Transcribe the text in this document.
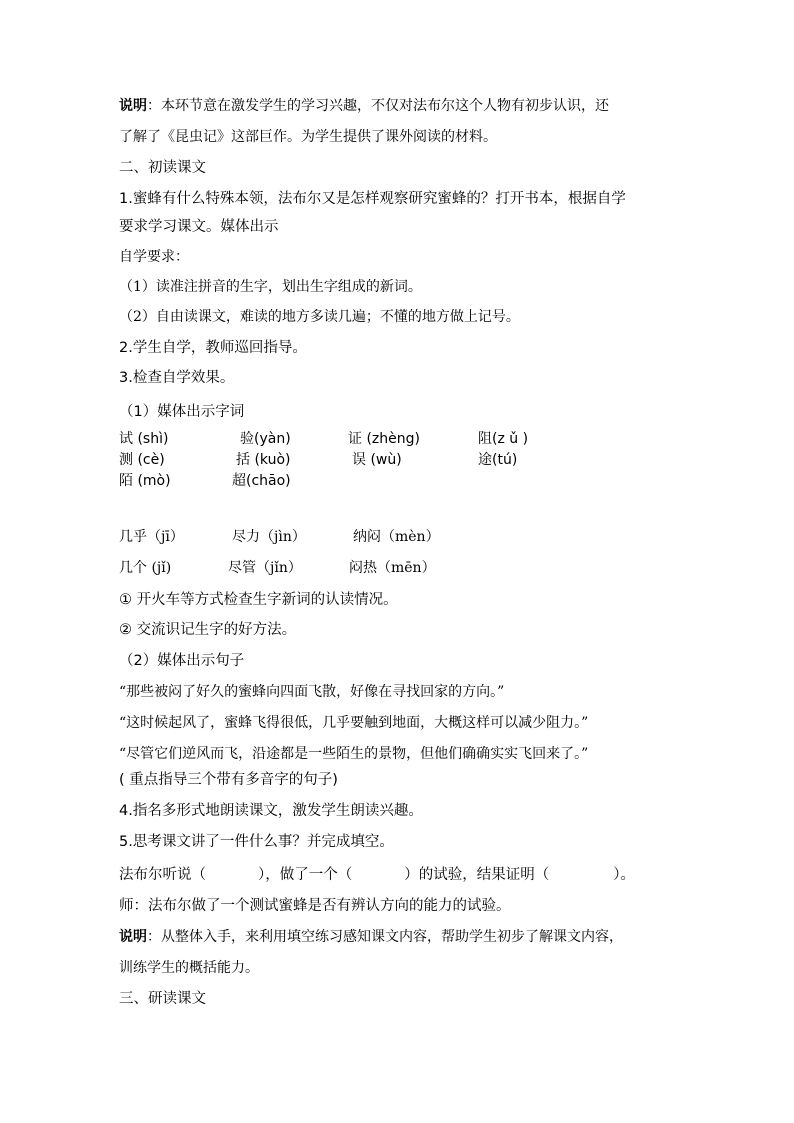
说明：本环节意在激发学生的学习兴趣，不仅对法布尔这个人物有初步认识，还
了解了《昆虫记》这部巨作。为学生提供了课外阅读的材料。
二、初读课文
1.蜜蜂有什么特殊本领，法布尔又是怎样观察研究蜜蜂的？打开书本，根据自学
要求学习课文。媒体出示
自学要求：
（1）读准注拼音的生字，划出生字组成的新词。
（2）自由读课文，难读的地方多读几遍；不懂的地方做上记号。
2.学生自学，教师巡回指导。
3.检查自学效果。
（1）媒体出示字词
试 (shì)	验(yàn)	证 (zhèng)	阻(z ǔ )
测 (cè)	括 (kuò)	误 (wù)	途(tú)
陌 (mò)	超(chāo)
几乎（jī）	尽力（jìn）	纳闷（mèn）
几个 (jǐ)	尽管（jǐn）	闷热（mēn）
① 开火车等方式检查生字新词的认读情况。
② 交流识记生字的好方法。
（2）媒体出示句子
“那些被闷了好久的蜜蜂向四面飞散，好像在寻找回家的方向。”
“这时候起风了，蜜蜂飞得很低，几乎要触到地面，大概这样可以减少阻力。”
“尽管它们逆风而飞，沿途都是一些陌生的景物，但他们确确实实飞回来了。”
( 重点指导三个带有多音字的句子)
4.指名多形式地朗读课文，激发学生朗读兴趣。
5.思考课文讲了一件什么事？并完成填空。
法布尔听说（	），做了一个（	）的试验，结果证明（	）。
师：法布尔做了一个测试蜜蜂是否有辨认方向的能力的试验。
说明：从整体入手，来利用填空练习感知课文内容，帮助学生初步了解课文内容，
训练学生的概括能力。
三、研读课文
